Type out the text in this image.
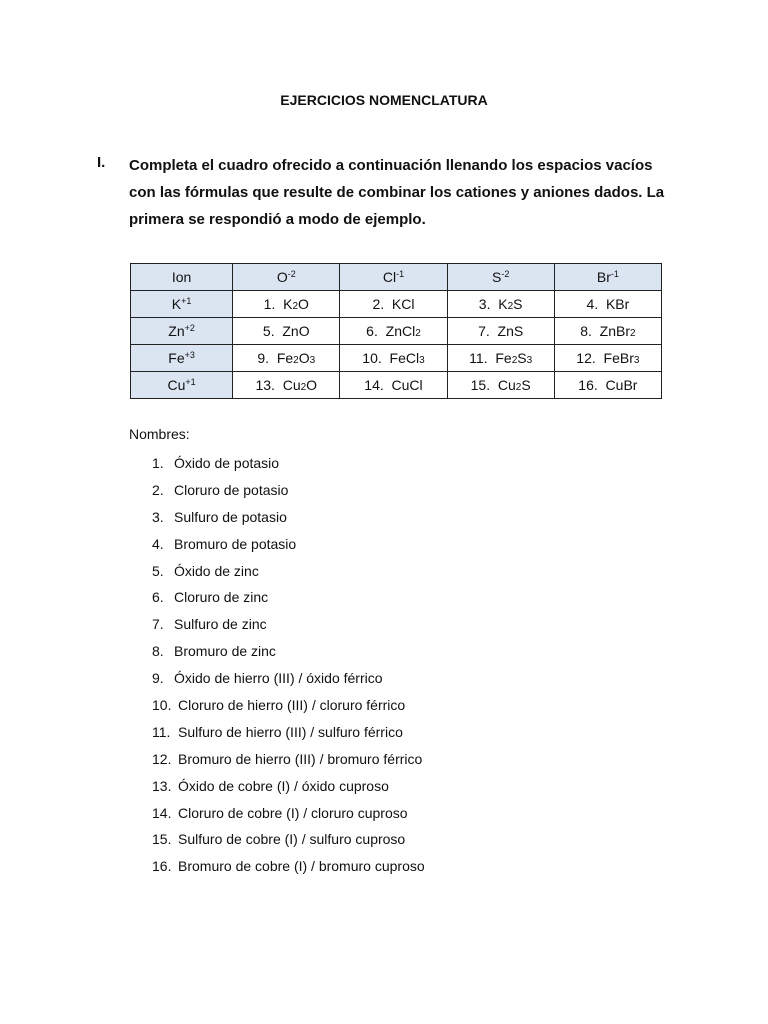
EJERCICIOS NOMENCLATURA
I. Completa el cuadro ofrecido a continuación llenando los espacios vacíos con las fórmulas que resulte de combinar los cationes y aniones dados. La primera se respondió a modo de ejemplo.
Ion	$O^{-2}$	$Cl^{-1}$	$S^{-2}$	$Br^{-1}$
$K^{+1}$	1. K2O	2. KCl	3. K2S	4. KBr
$Zn^{+2}$	5. ZnO	6. ZnCl2	7. ZnS	8. ZnBr2
$Fe^{+3}$	9. Fe2O3	10. FeCl3	11. Fe2S3	12. FeBr3
$Cu^{+1}$	13. Cu2O	14. CuCl	15. Cu2S	16. CuBr
Nombres:
1. Óxido de potasio
2. Cloruro de potasio
3. Sulfuro de potasio
4. Bromuro de potasio
5. Óxido de zinc
6. Cloruro de zinc
7. Sulfuro de zinc
8. Bromuro de zinc
9. Óxido de hierro (III) / óxido férrico
10. Cloruro de hierro (III) / cloruro férrico
11. Sulfuro de hierro (III) / sulfuro férrico
12. Bromuro de hierro (III) / bromuro férrico
13. Óxido de cobre (I) / óxido cuproso
14. Cloruro de cobre (I) / cloruro cuproso
15. Sulfuro de cobre (I) / sulfuro cuproso
16. Bromuro de cobre (I) / bromuro cuproso
